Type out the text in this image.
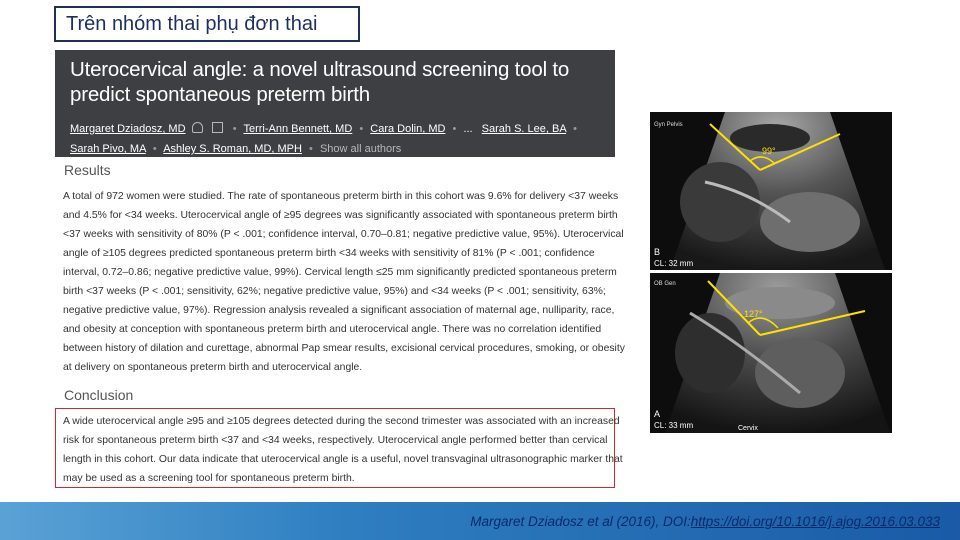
Trên nhóm thai phụ đơn thai
Uterocervical angle: a novel ultrasound screening tool to predict spontaneous preterm birth
Margaret Dziadosz, MD	• Terri-Ann Bennett, MD • Cara Dolin, MD • ... Sarah S. Lee, BA •
Sarah Pivo, MA • Ashley S. Roman, MD, MPH • Show all authors
Results
A total of 972 women were studied. The rate of spontaneous preterm birth in this cohort was 9.6% for delivery <37 weeks
and 4.5% for <34 weeks. Uterocervical angle of ≥95 degrees was significantly associated with spontaneous preterm birth
<37 weeks with sensitivity of 80% (P < .001; confidence interval, 0.70–0.81; negative predictive value, 95%). Uterocervical
angle of ≥105 degrees predicted spontaneous preterm birth <34 weeks with sensitivity of 81% (P < .001; confidence
interval, 0.72–0.86; negative predictive value, 99%). Cervical length ≤25 mm significantly predicted spontaneous preterm
birth <37 weeks (P < .001; sensitivity, 62%; negative predictive value, 95%) and <34 weeks (P < .001; sensitivity, 63%;
negative predictive value, 97%). Regression analysis revealed a significant association of maternal age, nulliparity, race,
and obesity at conception with spontaneous preterm birth and uterocervical angle. There was no correlation identified
between history of dilation and curettage, abnormal Pap smear results, excisional cervical procedures, smoking, or obesity
at delivery on spontaneous preterm birth and uterocervical angle.
Conclusion
A wide uterocervical angle ≥95 and ≥105 degrees detected during the second trimester was associated with an increased
risk for spontaneous preterm birth <37 and <34 weeks, respectively. Uterocervical angle performed better than cervical
length in this cohort. Our data indicate that uterocervical angle is a useful, novel transvaginal ultrasonographic marker that
may be used as a screening tool for spontaneous preterm birth.
99°
Gyn Pelvis
B
CL: 32 mm
127°
OB Gen
A
CL: 33 mm	Cervix
Margaret Dziadosz et al (2016), DOI:https://doi.org/10.1016/j.ajog.2016.03.033
